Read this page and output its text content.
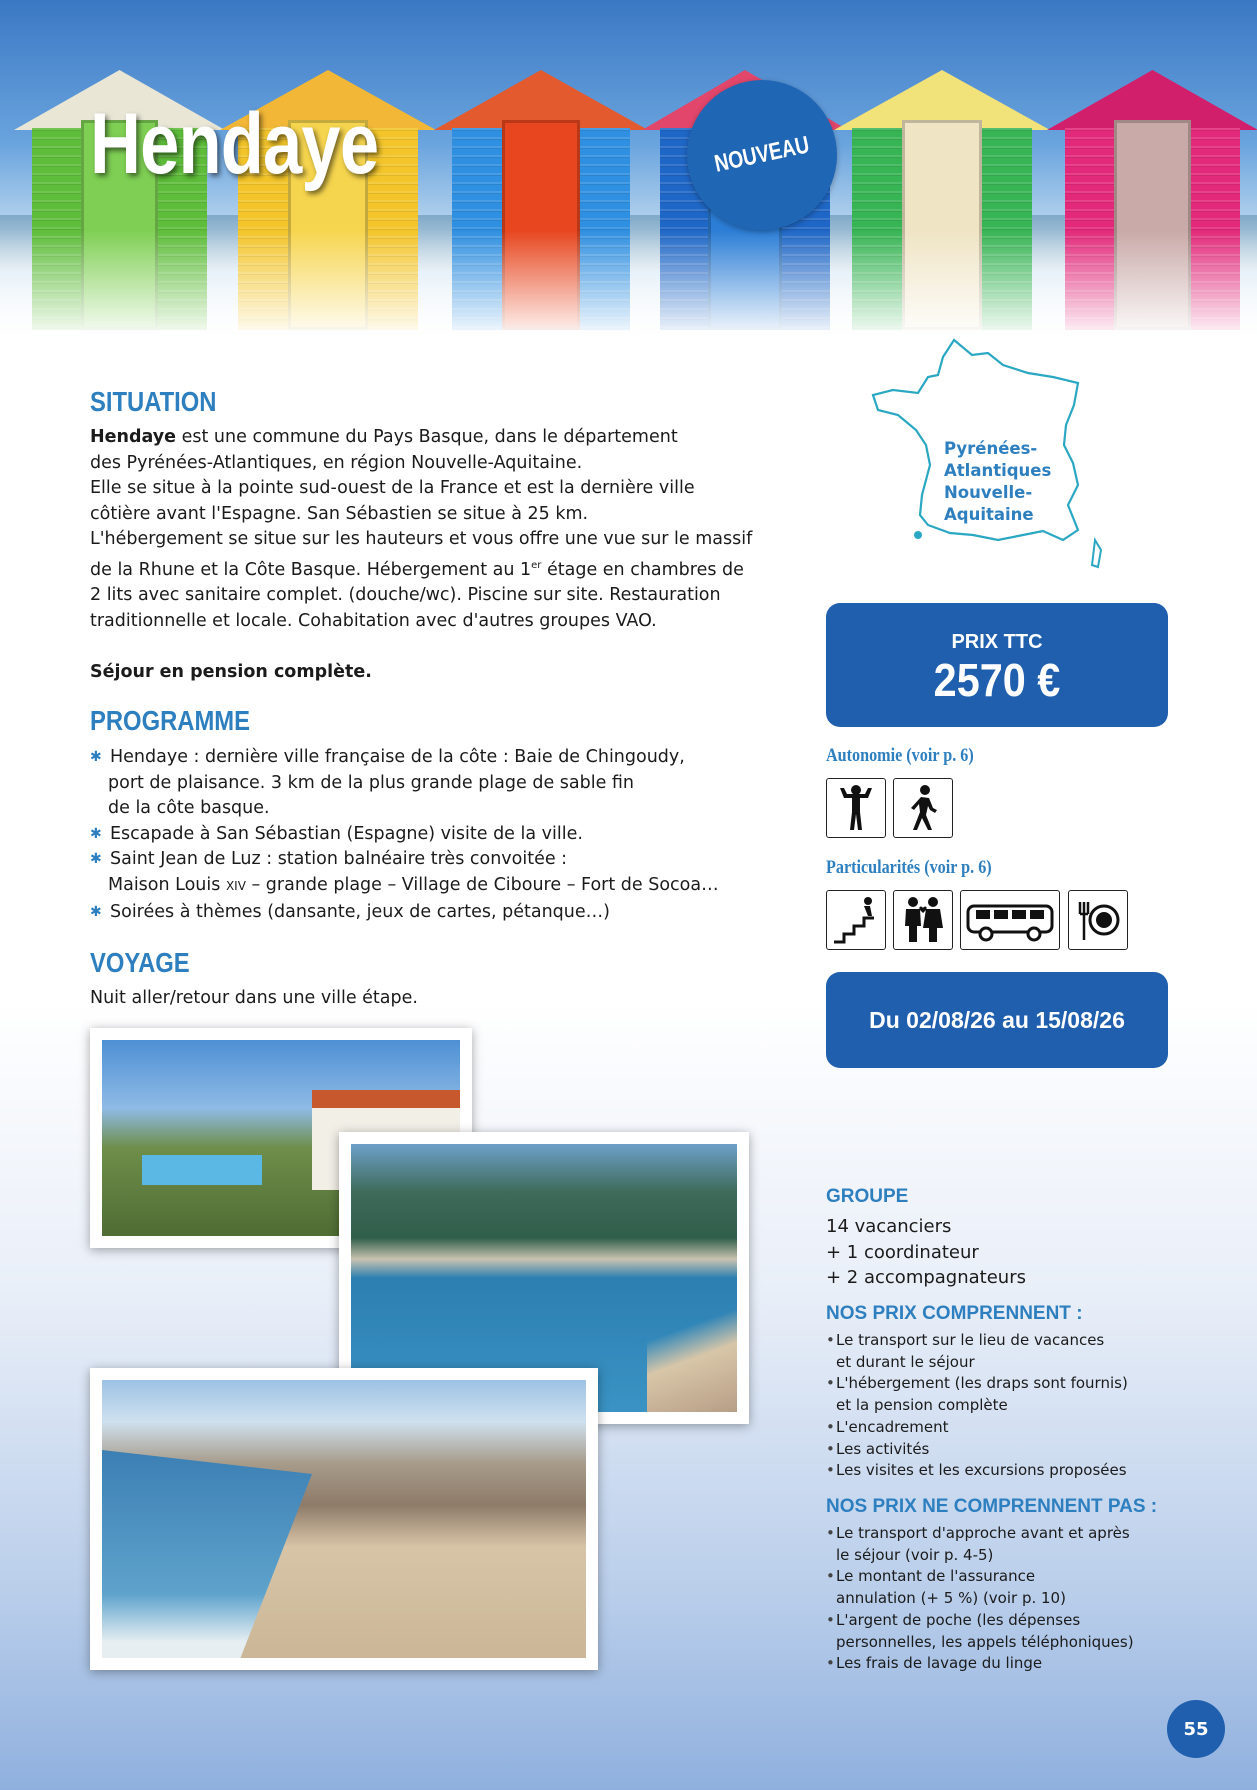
Hendaye	NOUVEAU
SITUATION
Hendaye est une commune du Pays Basque, dans le département
des Pyrénées-Atlantiques, en région Nouvelle-Aquitaine.
Elle se situe à la pointe sud-ouest de la France et est la dernière ville
côtière avant l'Espagne. San Sébastien se situe à 25 km.
L'hébergement se situe sur les hauteurs et vous offre une vue sur le massif
de la Rhune et la Côte Basque. Hébergement au 1er étage en chambres de
2 lits avec sanitaire complet. (douche/wc). Piscine sur site. Restauration
traditionnelle et locale. Cohabitation avec d'autres groupes VAO.
Séjour en pension complète.
PROGRAMME
✱ Hendaye : dernière ville française de la côte : Baie de Chingoudy,
port de plaisance. 3 km de la plus grande plage de sable fin
de la côte basque.
✱ Escapade à San Sébastian (Espagne) visite de la ville.
✱ Saint Jean de Luz : station balnéaire très convoitée :
Maison Louis XIV – grande plage – Village de Ciboure – Fort de Socoa…
✱ Soirées à thèmes (dansante, jeux de cartes, pétanque…)
VOYAGE
Nuit aller/retour dans une ville étape.
Pyrénées-
Atlantiques
Nouvelle-
Aquitaine
PRIX TTC
2570 €
Autonomie (voir p. 6)
Particularités (voir p. 6)
Du 02/08/26 au 15/08/26
GROUPE
14 vacanciers
+ 1 coordinateur
+ 2 accompagnateurs
NOS PRIX COMPRENNENT :
• Le transport sur le lieu de vacances
et durant le séjour
• L'hébergement (les draps sont fournis)
et la pension complète
• L'encadrement
• Les activités
• Les visites et les excursions proposées
NOS PRIX NE COMPRENNENT PAS :
• Le transport d'approche avant et après
le séjour (voir p. 4-5)
• Le montant de l'assurance
annulation (+ 5 %) (voir p. 10)
• L'argent de poche (les dépenses
personnelles, les appels téléphoniques)
• Les frais de lavage du linge
55
